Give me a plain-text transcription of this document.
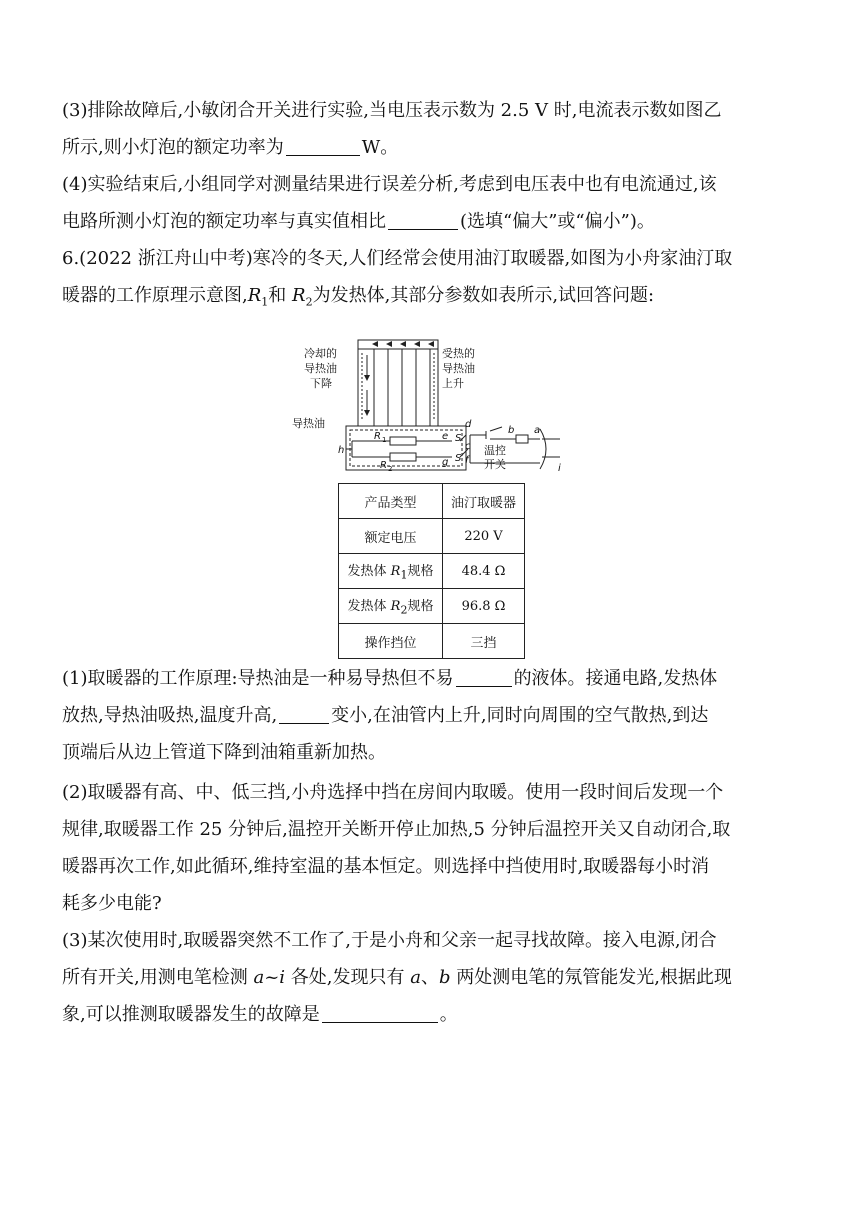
(3)排除故障后,小敏闭合开关进行实验,当电压表示数为 2.5 V 时,电流表示数如图乙

所示,则小灯泡的额定功率为	W。

(4)实验结束后,小组同学对测量结果进行误差分析,考虑到电压表中也有电流通过,该

电路所测小灯泡的额定功率与真实值相比	(选填“偏大”或“偏小”)。

6.(2022 浙江舟山中考)寒冷的冬天,人们经常会使用油汀取暖器,如图为小舟家油汀取

暖器的工作原理示意图$,R_1$和 $R_2$为发热体,其部分参数如表所示,试回答问题:

冷却的
导热油
下降
受热的
导热油
上升
导热油
温控
开关
R 1
R 2
S
S
a
b
c
d
e
f
g
h
i
产品类型	油汀取暖器
额定电压	220 V
发热体 $R_1$规格	48.4 Ω
发热体 $R_2$规格	96.8 Ω
操作挡位	三挡

(1)取暖器的工作原理:导热油是一种易导热但不易	的液体。接通电路,发热体

放热,导热油吸热,温度升高,	变小,在油管内上升,同时向周围的空气散热,到达

顶端后从边上管道下降到油箱重新加热。

(2)取暖器有高、中、低三挡,小舟选择中挡在房间内取暖。使用一段时间后发现一个

规律,取暖器工作 25 分钟后,温控开关断开停止加热,5 分钟后温控开关又自动闭合,取

暖器再次工作,如此循环,维持室温的基本恒定。则选择中挡使用时,取暖器每小时消

耗多少电能?

(3)某次使用时,取暖器突然不工作了,于是小舟和父亲一起寻找故障。接入电源,闭合

所有开关,用测电笔检测 a~i 各处,发现只有 a、b 两处测电笔的氖管能发光,根据此现

象,可以推测取暖器发生的故障是	。
